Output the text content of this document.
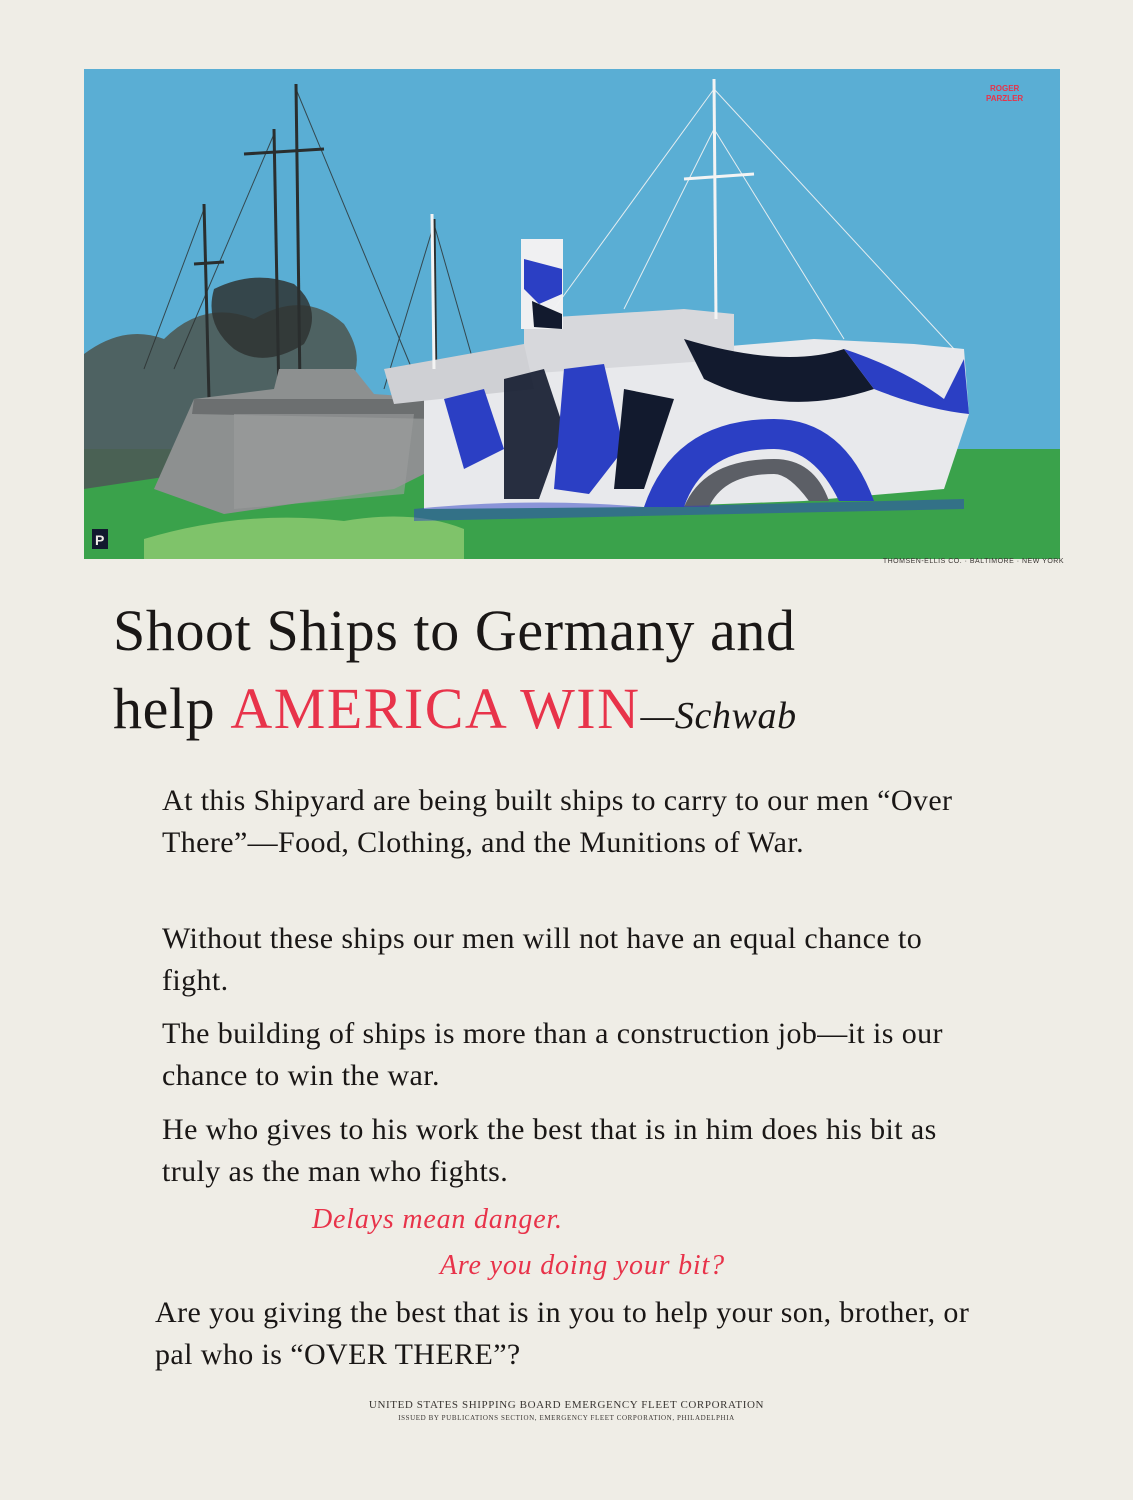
ROGER
PARZLER
P
THOMSEN-ELLIS CO. · BALTIMORE · NEW YORK
Shoot Ships to Germany and
help AMERICA WIN—Schwab

At this Shipyard are being built ships to carry to our men “Over There”—Food, Clothing, and the Munitions of War.

Without these ships our men will not have an equal chance to fight.

The building of ships is more than a construction job—it is our chance to win the war.

He who gives to his work the best that is in him does his bit as truly as the man who fights.

Delays mean danger.
Are you doing your bit?

Are you giving the best that is in you to help your son, brother, or pal who is “OVER THERE”?

UNITED STATES SHIPPING BOARD EMERGENCY FLEET CORPORATION
ISSUED BY PUBLICATIONS SECTION, EMERGENCY FLEET CORPORATION, PHILADELPHIA
